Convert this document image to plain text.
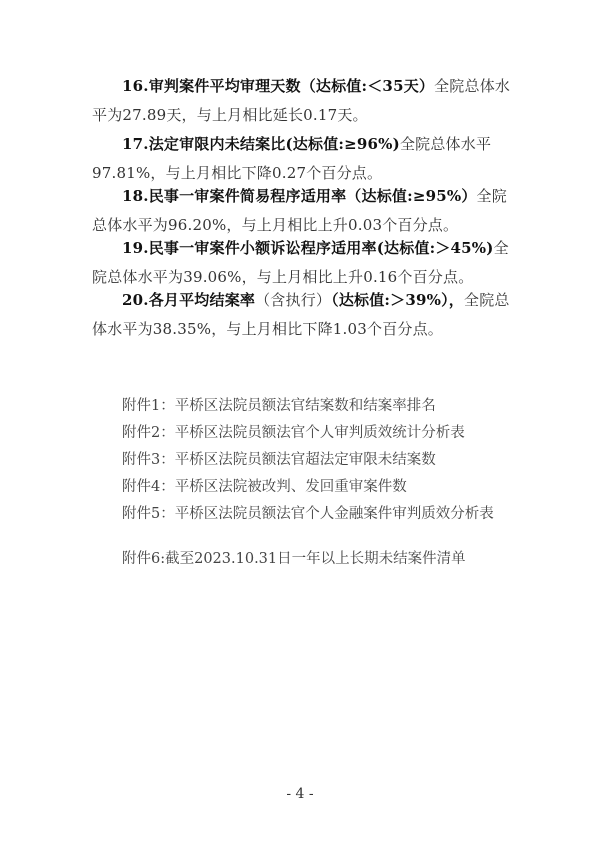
16.审判案件平均审理天数（达标值:＜35天）全院总体水平为27.89天，与上月相比延长0.17天。

17.法定审限内未结案比(达标值:≥96%)全院总体水平97.81%，与上月相比下降0.27个百分点。

18.民事一审案件简易程序适用率（达标值:≥95%）全院总体水平为96.20%，与上月相比上升0.03个百分点。

19.民事一审案件小额诉讼程序适用率(达标值:＞45%)全院总体水平为39.06%，与上月相比上升0.16个百分点。

20.各月平均结案率（含执行）（达标值:＞39%），全院总体水平为38.35%，与上月相比下降1.03个百分点。

附件1：平桥区法院员额法官结案数和结案率排名

附件2：平桥区法院员额法官个人审判质效统计分析表

附件3：平桥区法院员额法官超法定审限未结案数

附件4：平桥区法院被改判、发回重审案件数

附件5：平桥区法院员额法官个人金融案件审判质效分析表

附件6:截至2023.10.31日一年以上长期未结案件清单

- 4 -
